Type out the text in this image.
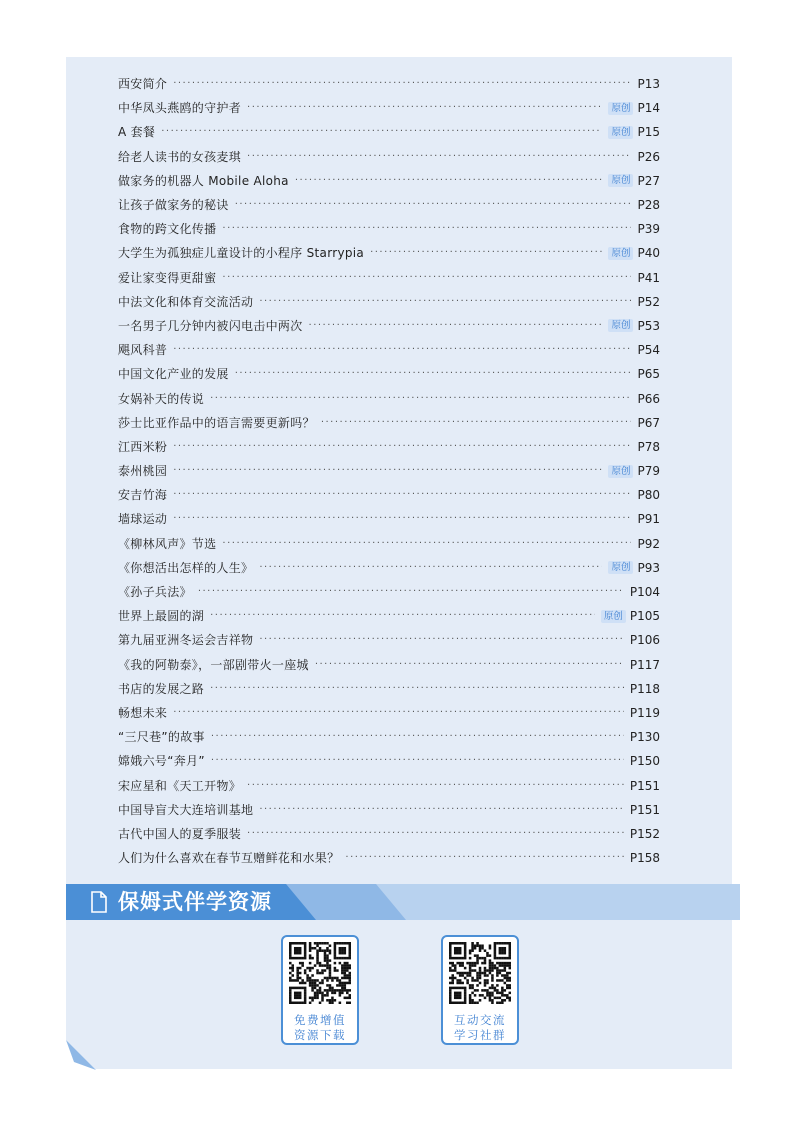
西安简介 ·····	P13
中华凤头燕鸥的守护者 ·····	原创 P14
A 套餐 ·····	原创 P15
给老人读书的女孩麦琪 ·····	P26
做家务的机器人 Mobile Aloha ·····	原创 P27
让孩子做家务的秘诀 ·····	P28
食物的跨文化传播 ·····	P39
大学生为孤独症儿童设计的小程序 Starrypia ·····	原创 P40
爱让家变得更甜蜜 ·····	P41
中法文化和体育交流活动 ·····	P52
一名男子几分钟内被闪电击中两次 ·····	原创 P53
飓风科普 ·····	P54
中国文化产业的发展 ·····	P65
女娲补天的传说 ·····	P66
莎士比亚作品中的语言需要更新吗？ ·····	P67
江西米粉 ·····	P78
泰州桃园 ·····	原创 P79
安吉竹海 ·····	P80
墙球运动 ·····	P91
《柳林风声》节选 ·····	P92
《你想活出怎样的人生》 ·····	原创 P93
《孙子兵法》 ·····	P104
世界上最圆的湖 ·····	原创 P105
第九届亚洲冬运会吉祥物 ·····	P106
《我的阿勒泰》，一部剧带火一座城 ·····	P117
书店的发展之路 ·····	P118
畅想未来 ·····	P119
“三尺巷”的故事 ·····	P130
嫦娥六号“奔月” ·····	P150
宋应星和《天工开物》 ·····	P151
中国导盲犬大连培训基地 ·····	P151
古代中国人的夏季服装 ·····	P152
人们为什么喜欢在春节互赠鲜花和水果？ ·····	P158
保姆式伴学资源
免费增值
资源下载
互动交流
学习社群
